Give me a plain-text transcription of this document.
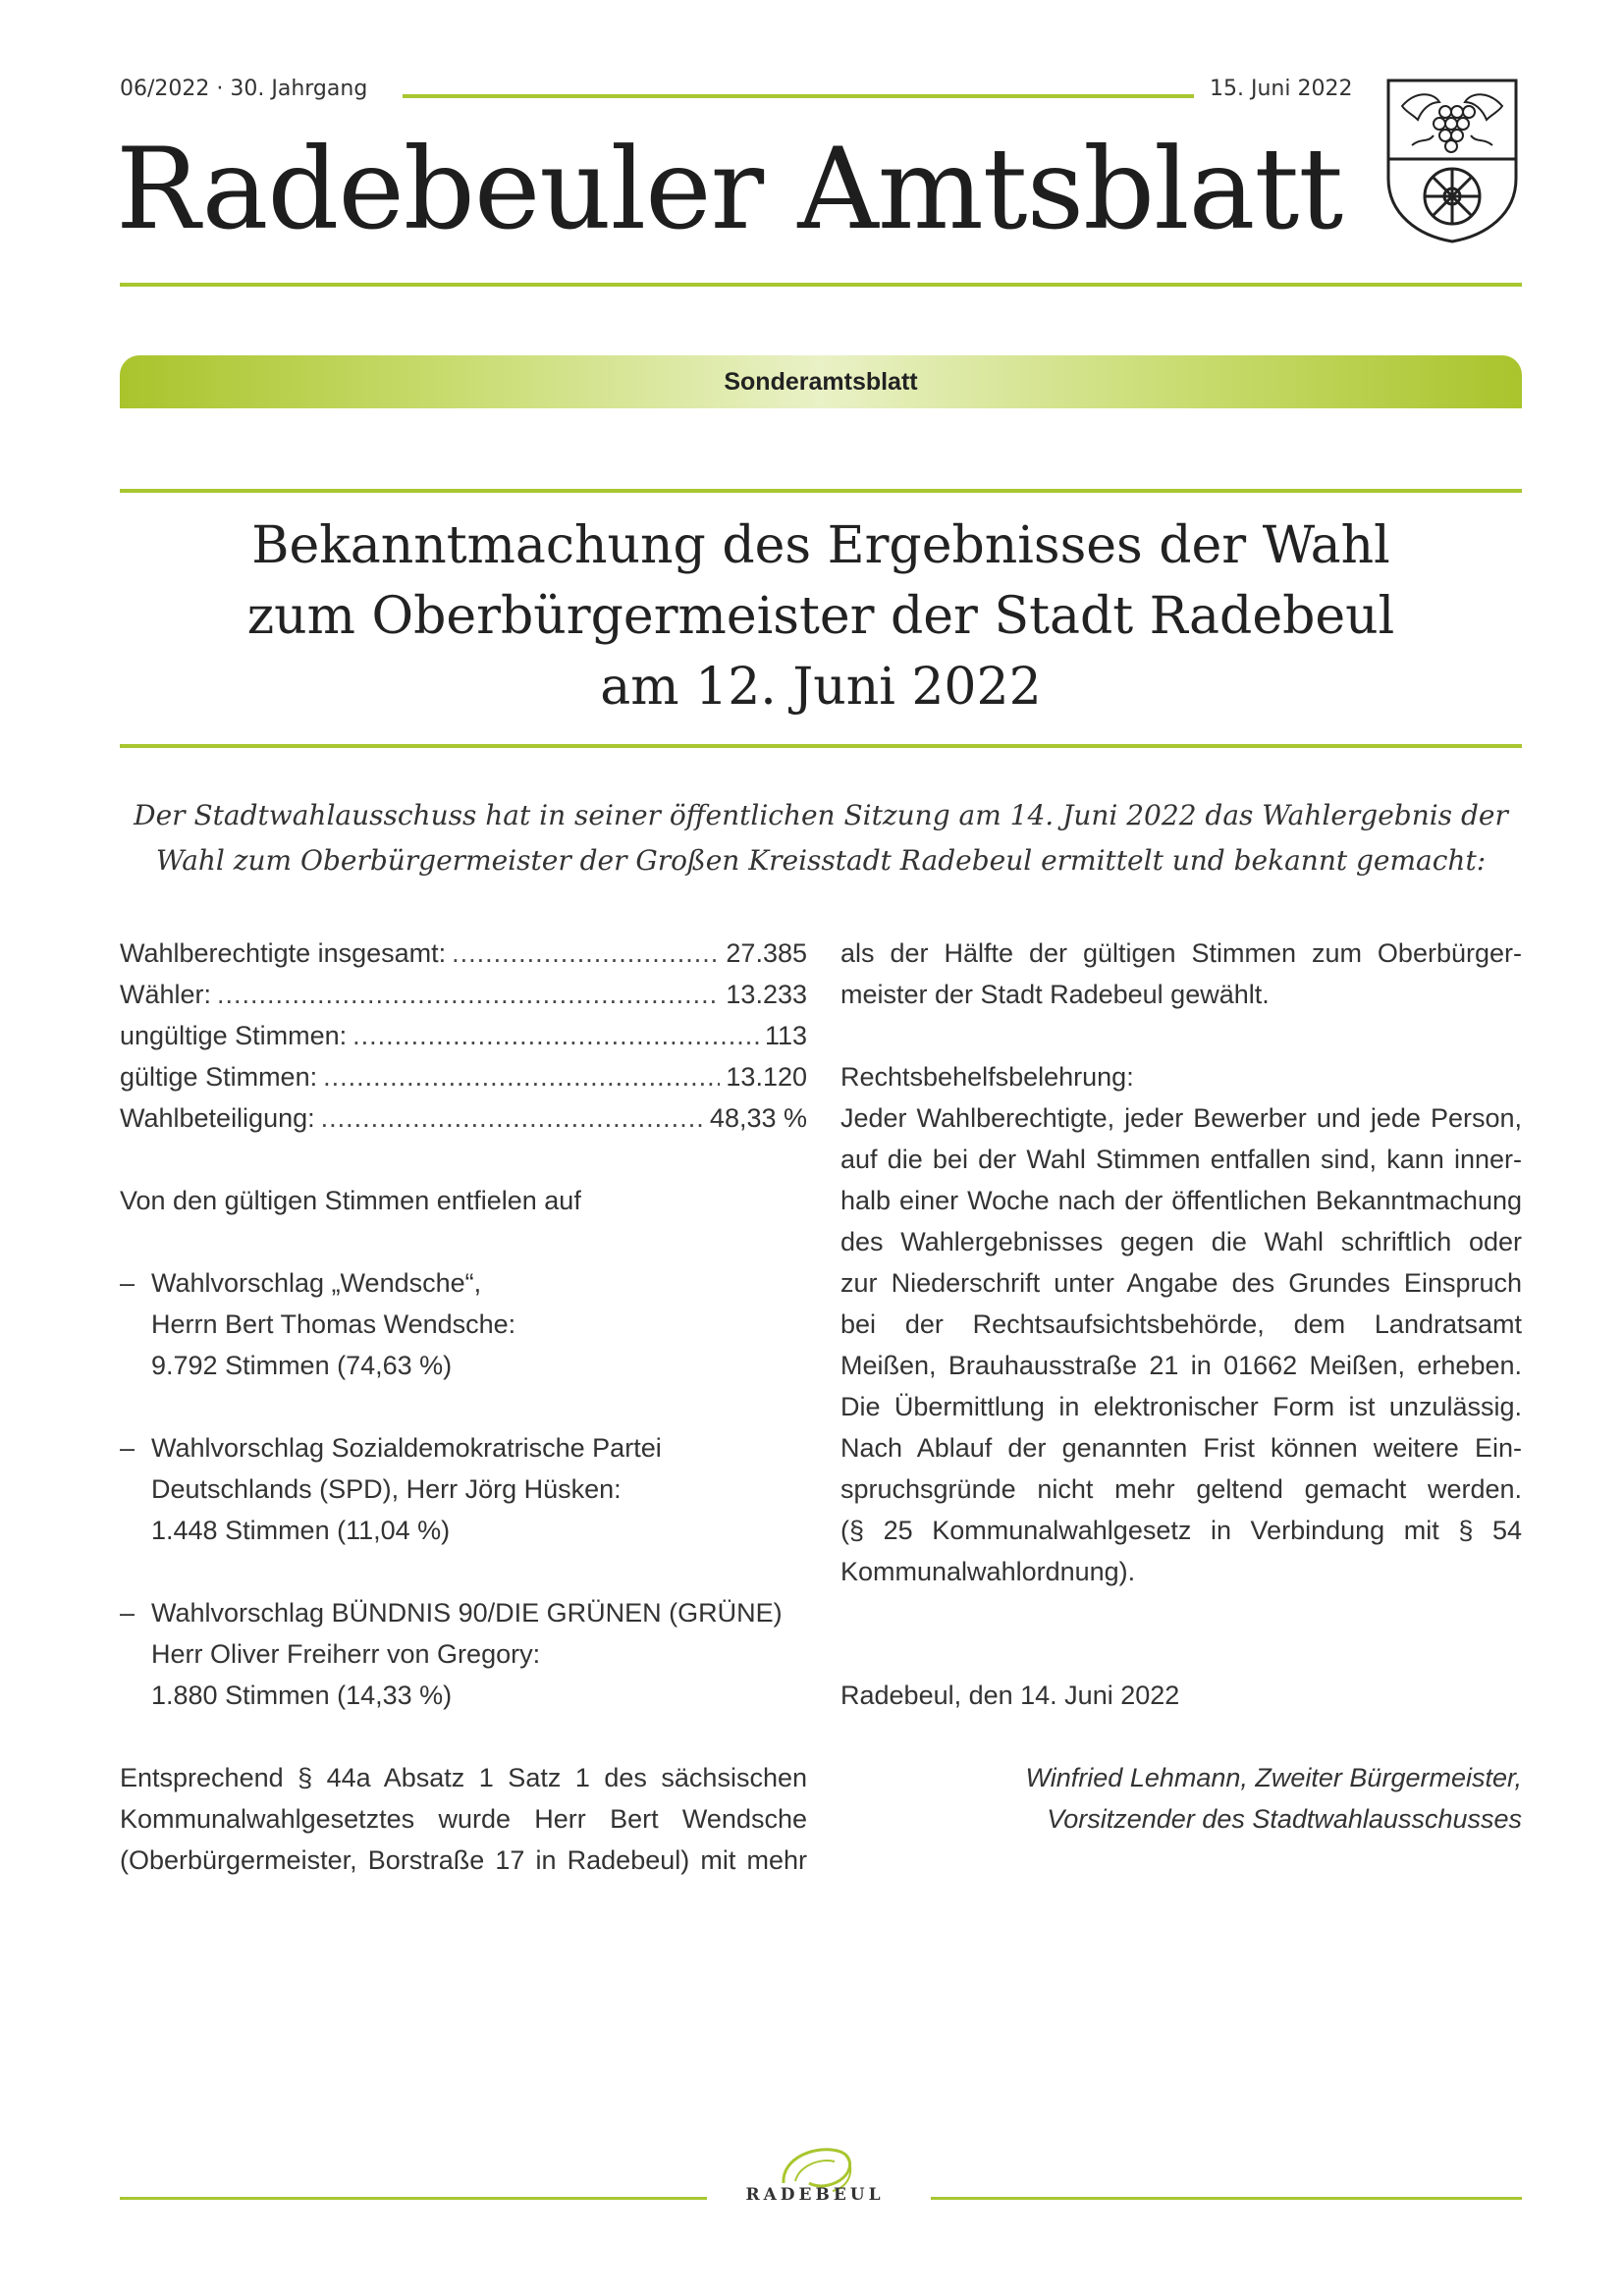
06/2022 · 30. Jahrgang	15. Juni 2022
Radebeuler Amtsblatt
Sonderamtsblatt
Bekanntmachung des Ergebnisses der Wahl
zum Oberbürgermeister der Stadt Radebeul
am 12. Juni 2022
Der Stadtwahlausschuss hat in seiner öffentlichen Sitzung am 14. Juni 2022 das Wahlergebnis der
Wahl zum Oberbürgermeister der Großen Kreisstadt Radebeul ermittelt und bekannt gemacht:
Wahlberechtigte insgesamt: .....	27.385
Wähler: .....	13.233
ungültige Stimmen: .....	113
gültige Stimmen: .....	13.120
Wahlbeteiligung: .....	48,33 %
Von den gültigen Stimmen entfielen auf
– Wahlvorschlag „Wendsche“,
Herrn Bert Thomas Wendsche:
9.792 Stimmen (74,63 %)
– Wahlvorschlag Sozialdemokratrische Partei
Deutschlands (SPD), Herr Jörg Hüsken:
1.448 Stimmen (11,04 %)
– Wahlvorschlag BÜNDNIS 90/DIE GRÜNEN (GRÜNE)
Herr Oliver Freiherr von Gregory:
1.880 Stimmen (14,33 %)
Entsprechend § 44a Absatz 1 Satz 1 des sächsischen
Kommunalwahlgesetztes wurde Herr Bert Wendsche
(Oberbürgermeister, Borstraße 17 in Radebeul) mit mehr
als der Hälfte der gültigen Stimmen zum Oberbürger-
meister der Stadt Radebeul gewählt.
Rechtsbehelfsbelehrung:
Jeder Wahlberechtigte, jeder Bewerber und jede Person,
auf die bei der Wahl Stimmen entfallen sind, kann inner-
halb einer Woche nach der öffentlichen Bekanntmachung
des Wahlergebnisses gegen die Wahl schriftlich oder
zur Niederschrift unter Angabe des Grundes Einspruch
bei der Rechtsaufsichtsbehörde, dem Landratsamt
Meißen, Brauhausstraße 21 in 01662 Meißen, erheben.
Die Übermittlung in elektronischer Form ist unzulässig.
Nach Ablauf der genannten Frist können weitere Ein-
spruchsgründe nicht mehr geltend gemacht werden.
(§ 25 Kommunalwahlgesetz in Verbindung mit § 54
Kommunalwahlordnung).
Radebeul, den 14. Juni 2022
Winfried Lehmann, Zweiter Bürgermeister,
Vorsitzender des Stadtwahlausschusses
RADEBEUL
